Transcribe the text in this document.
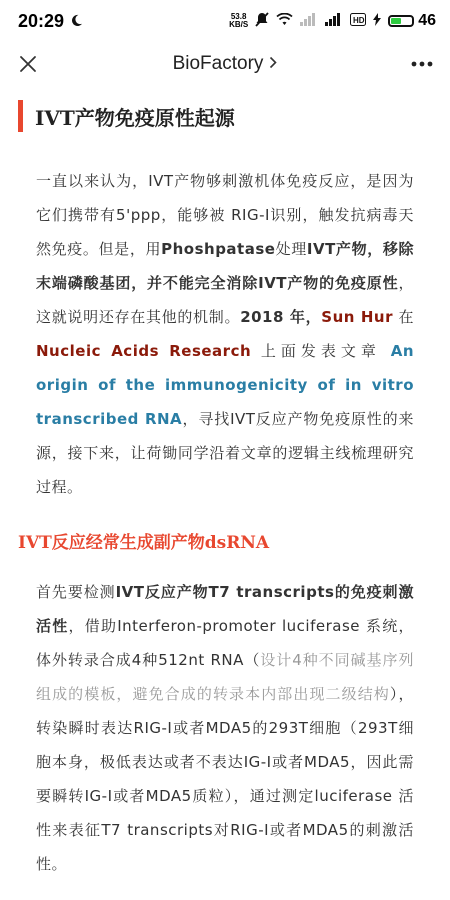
20:29	53.8
KB/S	HD	46
BioFactory
IVT产物免疫原性起源

一直以来认为，IVT产物够刺激机体免疫反应，是因为它们携带有5'ppp，能够被 RIG-I识别，触发抗病毒天然免疫。但是，用Phoshpatase处理IVT产物，移除末端磷酸基团，并不能完全消除IVT产物的免疫原性，这就说明还存在其他的机制。2018 年，Sun Hur 在 Nucleic Acids Research 上面发表文章 An origin of the immunogenicity of in vitro transcribed RNA，寻找IVT反应产物免疫原性的来源，接下来，让荷锄同学沿着文章的逻辑主线梳理研究过程。

IVT反应经常生成副产物dsRNA

首先要检测IVT反应产物T7 transcripts的免疫刺激活性，借助Interferon-promoter luciferase 系统，体外转录合成4种512nt RNA（设计4种不同碱基序列组成的模板，避免合成的转录本内部出现二级结构），转染瞬时表达RIG-I或者MDA5的293T细胞（293T细胞本身，极低表达或者不表达IG-I或者MDA5，因此需要瞬转IG-I或者MDA5质粒），通过测定luciferase 活性来表征T7 transcripts对RIG-I或者MDA5的刺激活性。
